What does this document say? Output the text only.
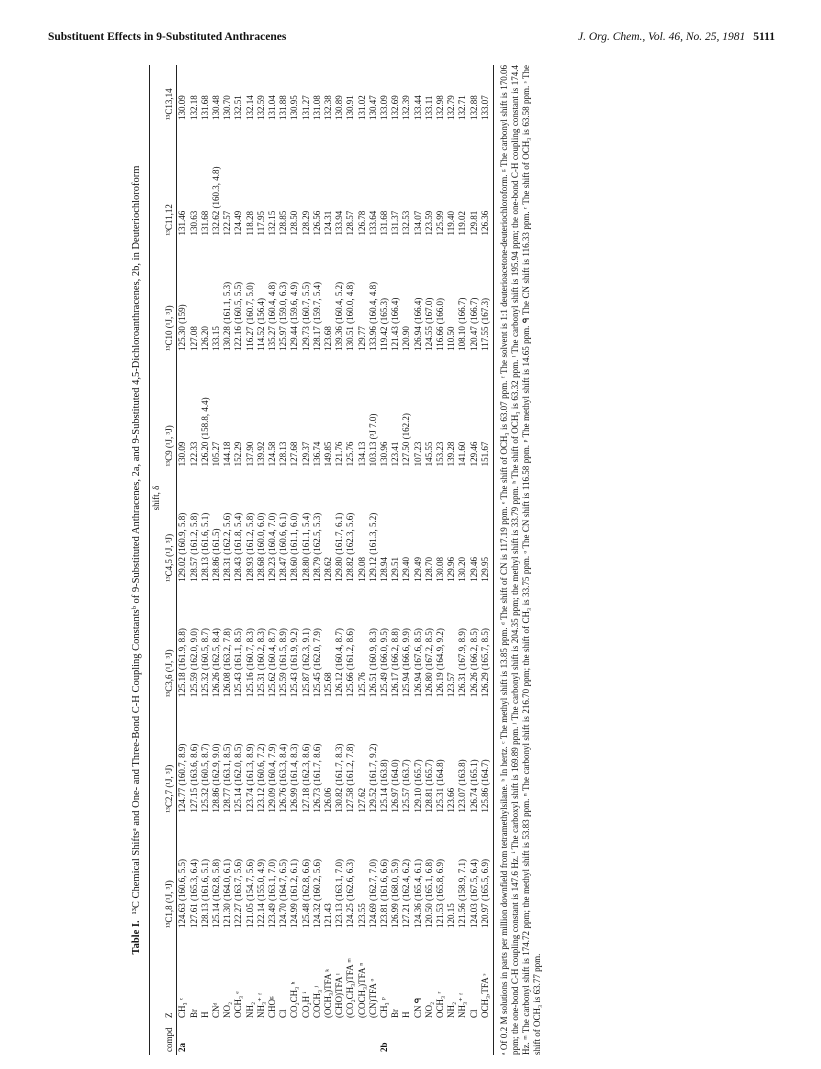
Substituent Effects in 9-Substituted Anthracenes	J. Org. Chem., Vol. 46, No. 25, 1981 5111
Table I.¹³C Chemical Shiftsᵃ and One- and Three-Bond C-H Coupling Constantsᵇ of 9-Substituted Anthracenes, 2a, and 9-Substituted 4,5-Dichloroanthracenes, 2b, in Deuteriochloroform
		shift, δ							
compd	Z	¹³C1,8 (¹J, ³J)	¹³C2,7 (¹J, ³J)	¹³C3,6 (¹J, ³J)	¹³C4,5 (¹J, ³J)	¹³C9 (¹J, ³J)	¹³C10 (¹J, ³J)	¹³C11,12	¹³C13,14
2a	CH₃ ᶜ	124.63 (160.6, 5.5)	124.77 (160.7, 8.9)	125.18 (161.9, 8.8)	129.02 (160.9, 5.8)	130.09	125.30 (159)	131.46	130.09
	Br	127.61 (165.3, 6.4)	127.15 (163.6, 8.6)	125.59 (162.0, 9.0)	128.57 (161.2, 5.8)	122.33	127.08	130.63	132.18
	H	128.13 (161.6, 5.1)	125.32 (160.5, 8.7)	125.32 (160.5, 8.7)	128.13 (161.6, 5.1)	126.20 (158.8, 4.4)	126.20	131.68	131.68
	CNᵈ	125.14 (162.8, 5.8)	128.86 (162.9, 9.0)	126.26 (162.5, 8.4)	128.86 (161.5)	105.27	133.15	132.62 (160.3, 4.8)	130.48
	NO₂	121.30 (164.0, 6.1)	128.77 (163.1, 8.5)	126.08 (163.2, 7.8)	128.31 (162.2, 5.6)	144.18	130.28 (161.1, 5.3)	122.57	130.70
	OCH₃ ᵉ	122.27 (163.7, 5.6)	125.14 (162.0, 8.5)	125.43 (161.1, 8.5)	128.43 (161.8, 5.4)	152.29	122.16 (160.5, 5.5)	124.49	132.51
	NH₂	121.05 (154.7, 5.6)	123.74 (161.3, 8.9)	125.16 (160.7, 8.3)	128.93 (161.2, 5.8)	137.90	116.27 (160.7, 5.0)	118.28	132.14
	NH₃⁺ ᶠ	122.14 (155.0, 4.9)	123.12 (160.6, 7.2)	125.31 (160.2, 8.3)	128.68 (160.0, 6.0)	139.92	114.52 (156.4)	117.95	132.59
	CHOᵍ	123.49 (163.1, 7.0)	129.09 (160.4, 7.9)	125.62 (160.4, 8.7)	129.23 (160.4, 7.0)	124.58	135.27 (160.4, 4.8)	132.15	131.04
	Cl	124.70 (164.7, 6.5)	126.76 (163.3, 8.4)	125.59 (161.5, 8.9)	128.47 (160.6, 6.1)	128.13	125.97 (159.0, 6.3)	128.85	131.88
	CO₂CH₃ ʰ	124.99 (161.2, 6.1)	126.99 (161.4, 8.3)	125.43 (161.9, 9.2)	128.60 (161.1, 6.0)	127.68	129.44 (159.6, 4.9)	128.50	130.95
	CO₂H ⁱ	125.48 (162.8, 6.6)	127.18 (162.3, 8.6)	125.87 (162.3, 9.1)	128.80 (161.1, 5.4)	129.37	129.73 (160.7, 5.5)	128.29	131.27
	COCH₃ ʲ	124.32 (160.2, 5.6)	126.73 (161.7, 8.6)	125.45 (162.0, 7.9)	128.79 (162.5, 5.3)	136.74	128.17 (159.7, 5.4)	126.56	131.08
	(OCH₃)TFA ᵏ	121.43	126.06	125.68	128.62	149.85	123.68	124.31	132.38
	(CHO)TFA ˡ	123.13 (163.1, 7.0)	130.82 (161.7, 8.3)	126.12 (160.4, 8.7)	129.80 (161.7, 6.1)	121.76	139.36 (160.4, 5.2)	133.94	130.89
	(CO₂CH₃)TFA ᵐ	124.25 (162.6, 6.3)	127.58 (161.2, 7.8)	125.66 (161.2, 8.6)	128.82 (162.3, 5.6)	125.76	130.51 (160.0, 4.8)	128.57	130.91
	(COCH₃)TFA ⁿ	123.55	127.62	125.76	129.08	134.13	129.77	126.78	131.02
	(CN)TFA ᵒ	124.69 (162.7, 7.0)	129.52 (161.7, 9.2)	126.51 (160.9, 8.3)	129.12 (161.3, 5.2)	103.13 (³J 7.0)	133.96 (160.4, 4.8)	133.64	130.47
2b	CH₃ ᵖ	123.81 (161.6, 6.6)	125.14 (163.8)	125.49 (166.0, 9.5)	128.94	130.96	119.42 (165.3)	131.68	133.09
	Br	126.99 (168.0, 5.9)	126.97 (164.0)	126.17 (166.2, 8.8)	129.51	123.41	121.43 (166.4)	131.37	132.69
	H	127.21 (162.4, 6.2)	125.57 (163.7)	125.94 (166.6, 9.9)	129.40	127.50 (162.2)	120.90	132.53	132.39
	CN ᑫ	124.36 (165.4, 6.1)	129.10 (165.7)	126.94 (167.6, 8.5)	129.49	107.23	126.94 (166.4)	134.07	133.44
	NO₂	120.50 (165.1, 6.8)	128.81 (165.7)	126.80 (167.2, 8.5)	128.70	145.55	124.55 (167.0)	123.59	133.11
	OCH₃ ʳ	121.53 (165.8, 6.9)	125.31 (164.8)	126.19 (164.9, 9.2)	130.08	153.23	116.66 (166.0)	125.99	132.98
	NH₂	120.15	123.66	123.57	129.96	139.28	110.50	119.40	132.79
	NH₃⁺ ᶠ	121.56 (158.9, 7.1)	123.07 (163.8)	126.31 (167.9, 8.9)	130.20	141.60	108.10 (166.7)	119.02	132.71
	Cl	124.03 (167.5, 6.4)	126.74 (165.1)	126.26 (166.2, 8.5)	129.46	129.46	120.47 (166.7)	129.81	132.88
	OCH₃,TFA ˢ	120.97 (165.5, 6.9)	125.86 (164.7)	126.29 (165.7, 8.5)	129.95	151.67	117.55 (167.3)	126.36	133.07 ᵃ Of 0.2 M solutions in parts per million downfield from tetramethylsilane. ᵇ In hertz. ᶜ The methyl shift is 13.85 ppm. ᵈ The shift of CN is 117.19 ppm. ᵉ The shift of OCH₃ is 63.07 ppm. ᶠ The solvent is 1:1 deuterioacetone-deuteriochloroform. ᵍ The carbonyl shift is 170.06 ppm; the one-bond C-H coupling constant is 147.6 Hz. ⁱ The carboxyl shift is 169.89 ppm. ʲ The carbonyl shift is 204.35 ppm; the methyl shift is 33.79 ppm. ʰ The shift of OCH₃ is 63.32 ppm. ˡ The carbonyl shift is 195.94 ppm; the one-bond C-H coupling constant is 174.4 Hz. ᵐ The carbonyl shift is 174.72 ppm; the methyl shift is 53.83 ppm. ⁿ The carbonyl shift is 216.70 ppm; the shift of CH₃ is 33.75 ppm. ᵒ The CN shift is 116.58 ppm. ᵖ The methyl shift is 14.65 ppm. ᑫ The CN shift is 116.33 ppm. ʳ The shift of OCH₃ is 63.58 ppm. ˢ The shift of OCH₃ is 63.77 ppm.
